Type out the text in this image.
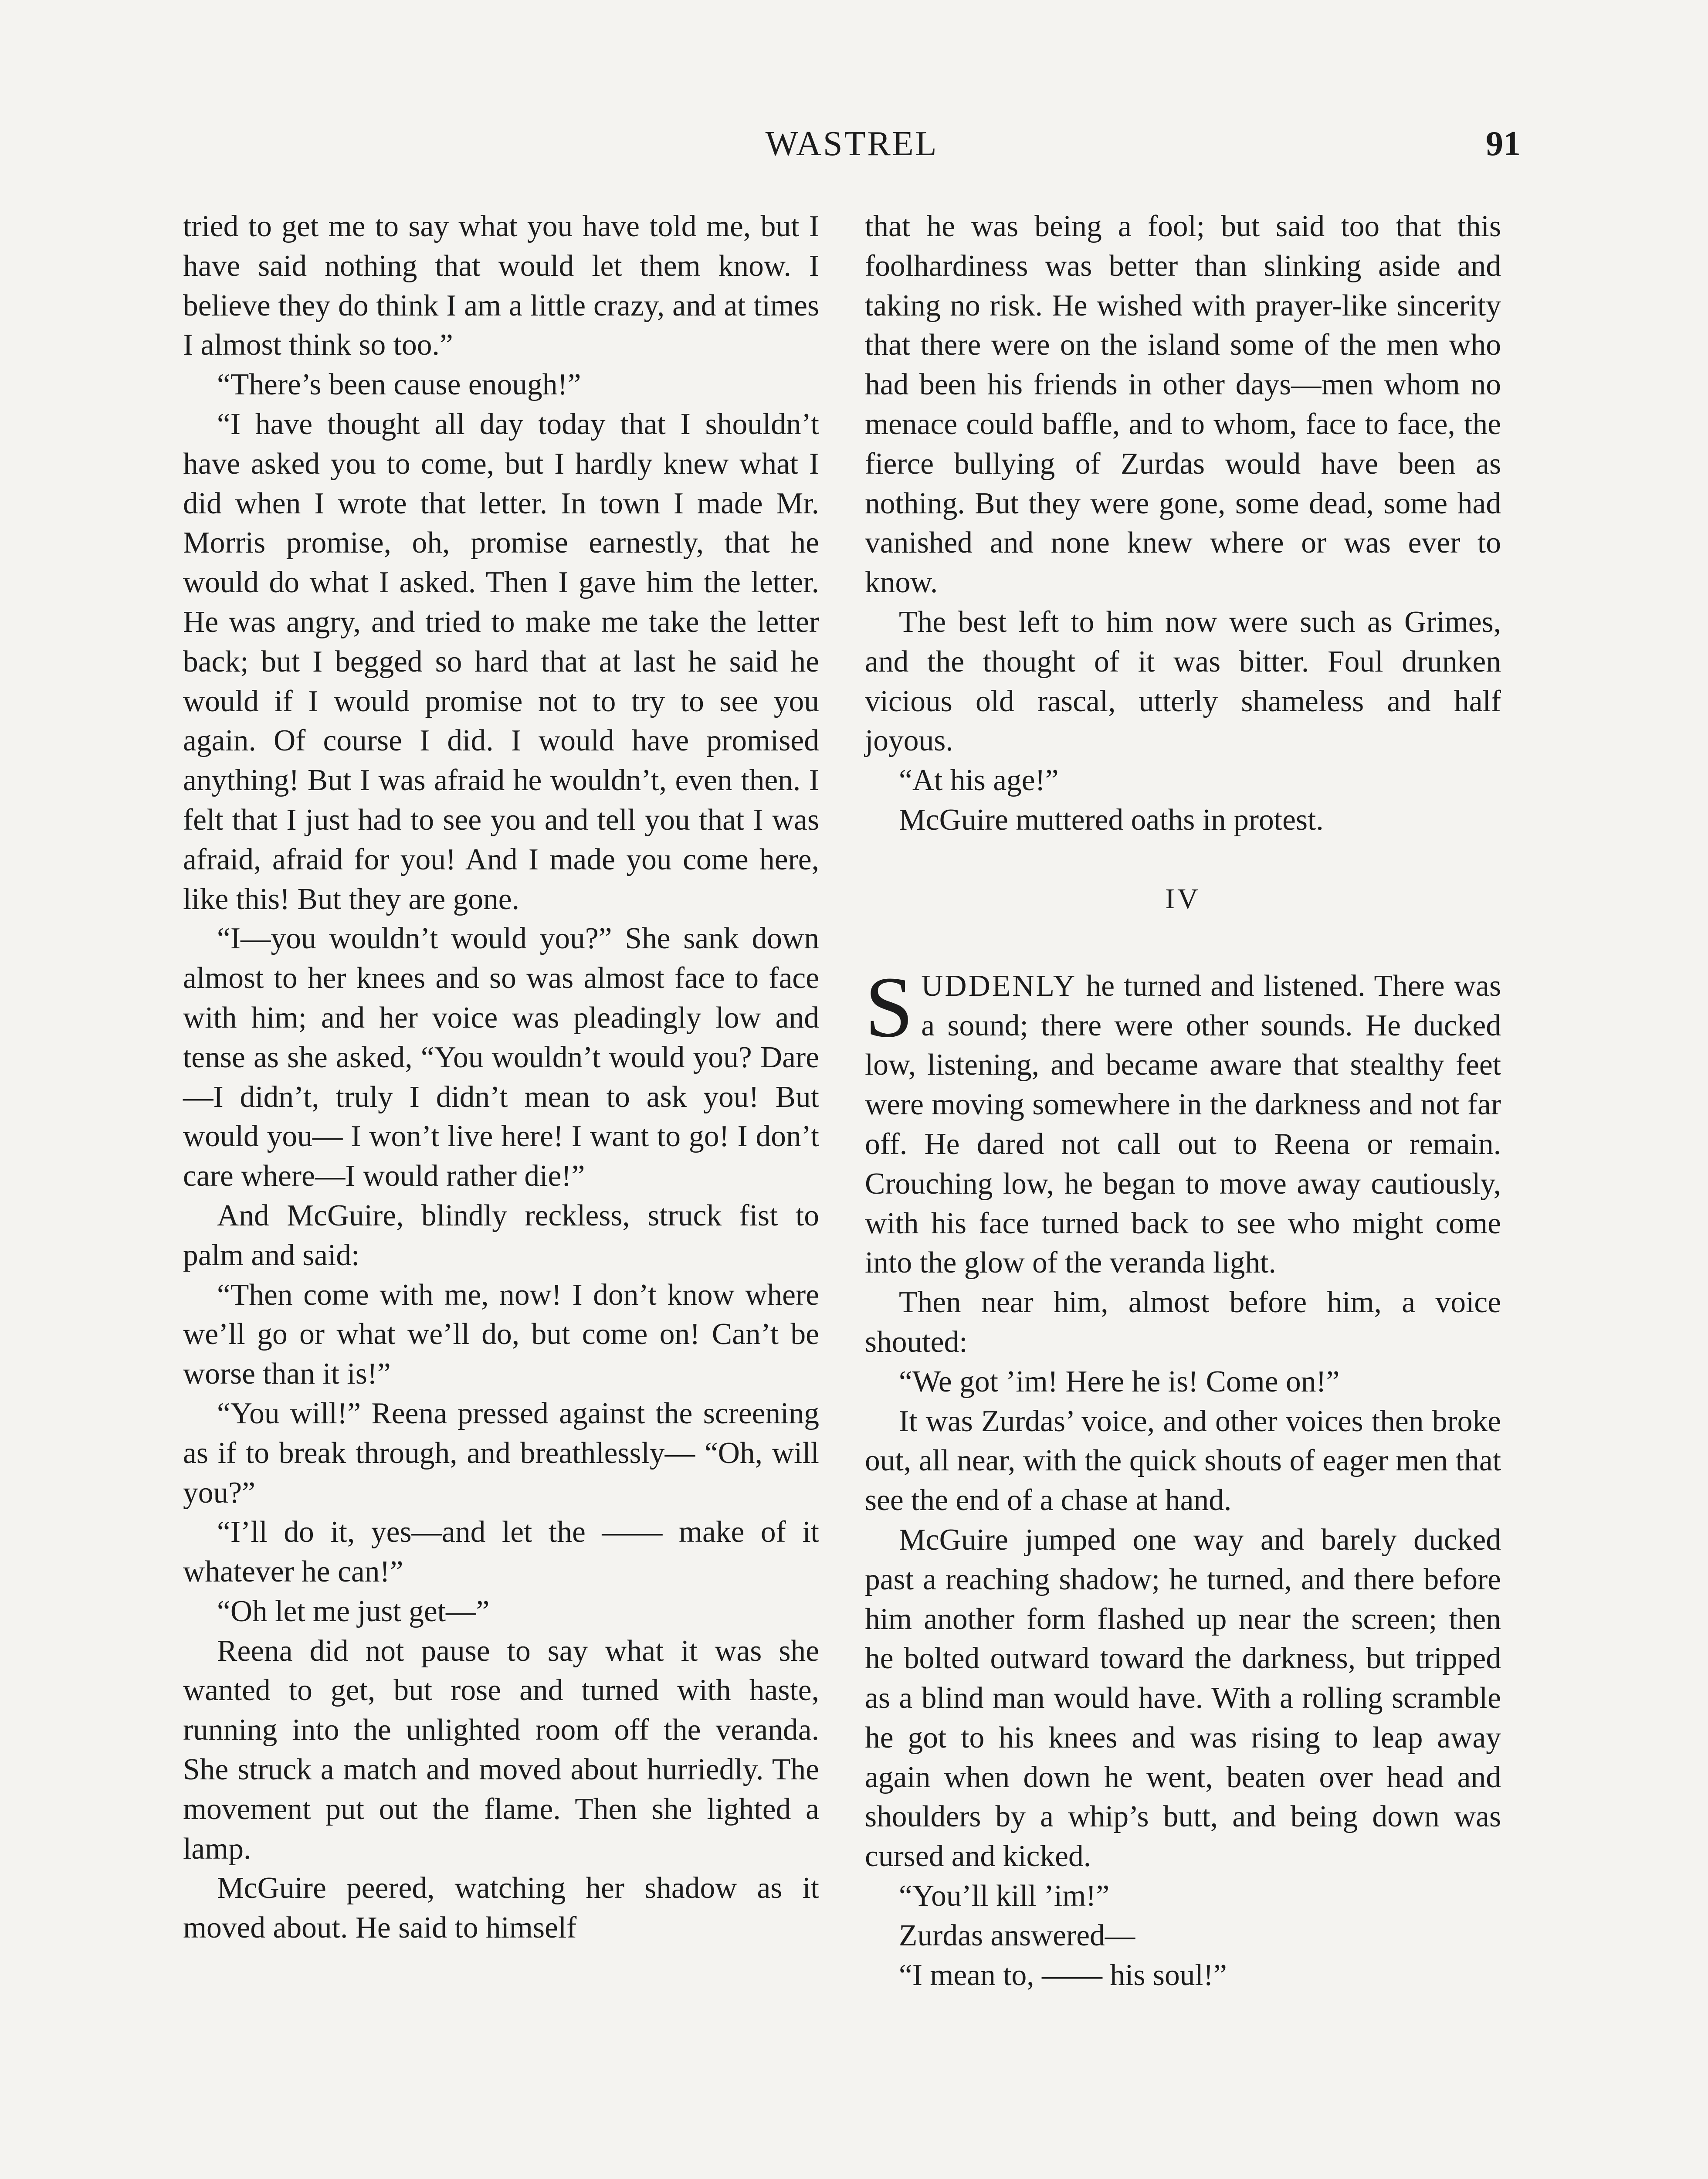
WASTREL	91

tried to get me to say what you have told me, but I have said nothing that would let them know. I believe they do think I am a little crazy, and at times I almost think so too.”

“There’s been cause enough!”

“I have thought all day today that I shouldn’t have asked you to come, but I hardly knew what I did when I wrote that letter. In town I made Mr. Morris promise, oh, promise earnestly, that he would do what I asked. Then I gave him the letter. He was angry, and tried to make me take the letter back; but I begged so hard that at last he said he would if I would promise not to try to see you again. Of course I did. I would have promised anything! But I was afraid he wouldn’t, even then. I felt that I just had to see you and tell you that I was afraid, afraid for you! And I made you come here, like this! But they are gone.

“I—you wouldn’t would you?” She sank down almost to her knees and so was almost face to face with him; and her voice was pleadingly low and tense as she asked, “You wouldn’t would you? Dare —I didn’t, truly I didn’t mean to ask you! But would you— I won’t live here! I want to go! I don’t care where—I would rather die!”

And McGuire, blindly reckless, struck fist to palm and said:

“Then come with me, now! I don’t know where we’ll go or what we’ll do, but come on! Can’t be worse than it is!”

“You will!” Reena pressed against the screening as if to break through, and breathlessly— “Oh, will you?”

“I’ll do it, yes—and let the —— make of it whatever he can!”

“Oh let me just get—”

Reena did not pause to say what it was she wanted to get, but rose and turned with haste, running into the unlighted room off the veranda. She struck a match and moved about hurriedly. The movement put out the flame. Then she lighted a lamp.

McGuire peered, watching her shadow as it moved about. He said to himself

that he was being a fool; but said too that this foolhardiness was better than slinking aside and taking no risk. He wished with prayer-like sincerity that there were on the island some of the men who had been his friends in other days—men whom no menace could baffle, and to whom, face to face, the fierce bullying of Zurdas would have been as nothing. But they were gone, some dead, some had vanished and none knew where or was ever to know.

The best left to him now were such as Grimes, and the thought of it was bitter. Foul drunken vicious old rascal, utterly shameless and half joyous.

“At his age!”

McGuire muttered oaths in protest.

IV

SUDDENLY he turned and listened. There was a sound; there were other sounds. He ducked low, listening, and became aware that stealthy feet were moving somewhere in the darkness and not far off. He dared not call out to Reena or remain. Crouching low, he began to move away cautiously, with his face turned back to see who might come into the glow of the veranda light.

Then near him, almost before him, a voice shouted:

“We got ’im! Here he is! Come on!”

It was Zurdas’ voice, and other voices then broke out, all near, with the quick shouts of eager men that see the end of a chase at hand.

McGuire jumped one way and barely ducked past a reaching shadow; he turned, and there before him another form flashed up near the screen; then he bolted outward toward the darkness, but tripped as a blind man would have. With a rolling scramble he got to his knees and was rising to leap away again when down he went, beaten over head and shoulders by a whip’s butt, and being down was cursed and kicked.

“You’ll kill ’im!”

Zurdas answered—

“I mean to, —— his soul!”
